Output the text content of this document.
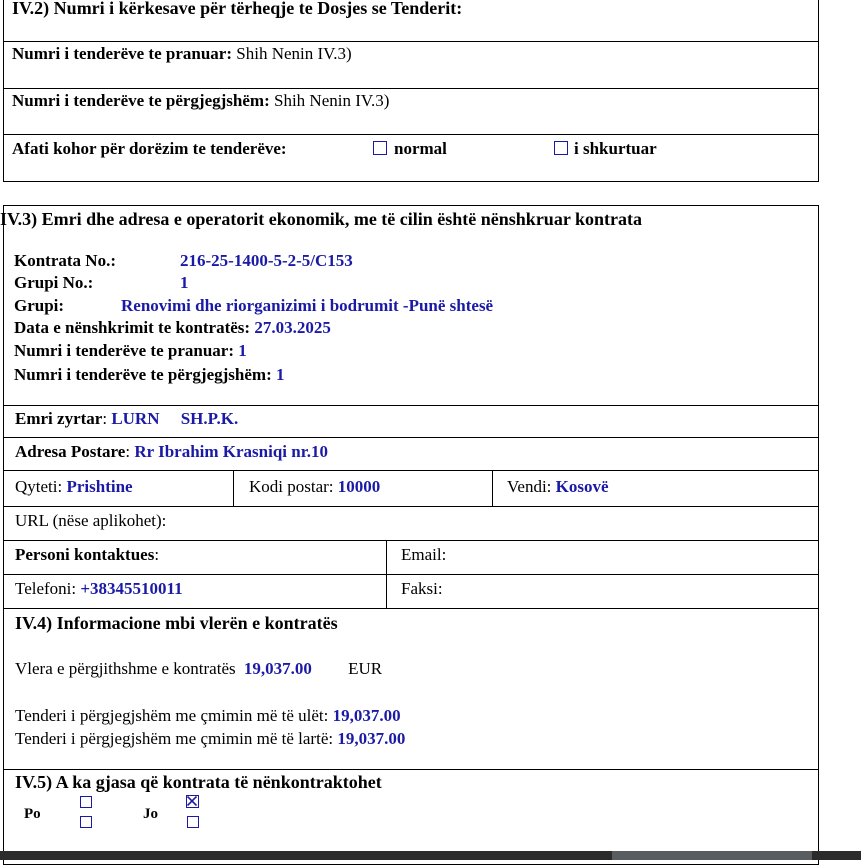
IV.2) Numri i kërkesave për tërheqje te Dosjes se Tenderit:
Numri i tenderëve te pranuar: Shih Nenin IV.3)
Numri i tenderëve te përgjegjshëm: Shih Nenin IV.3)
Afati kohor për dorëzim te tenderëve:	normal	i shkurtuar
IV.3) Emri dhe adresa e operatorit ekonomik, me të cilin është nënshkruar kontrata
Kontrata No.:	216-25-1400-5-2-5/C153
Grupi No.:	1
Grupi:	Renovimi dhe riorganizimi i bodrumit -Punë shtesë
Data e nënshkrimit te kontratës: 27.03.2025
Numri i tenderëve te pranuar: 1
Numri i tenderëve te përgjegjshëm: 1
Emri zyrtar: LURN     SH.P.K.
Adresa Postare: Rr Ibrahim Krasniqi nr.10
Qyteti: Prishtine	Kodi postar: 10000	Vendi: Kosovë
URL (nëse aplikohet):
Personi kontaktues:	Email:
Telefoni: +38345510011	Faksi:
IV.4) Informacione mbi vlerën e kontratës
Vlera e përgjithshme e kontratës 19,037.00 EUR
Tenderi i përgjegjshëm me çmimin më të ulët: 19,037.00
Tenderi i përgjegjshëm me çmimin më të lartë: 19,037.00
IV.5) A ka gjasa që kontrata të nënkontraktohet
Po	Jo
